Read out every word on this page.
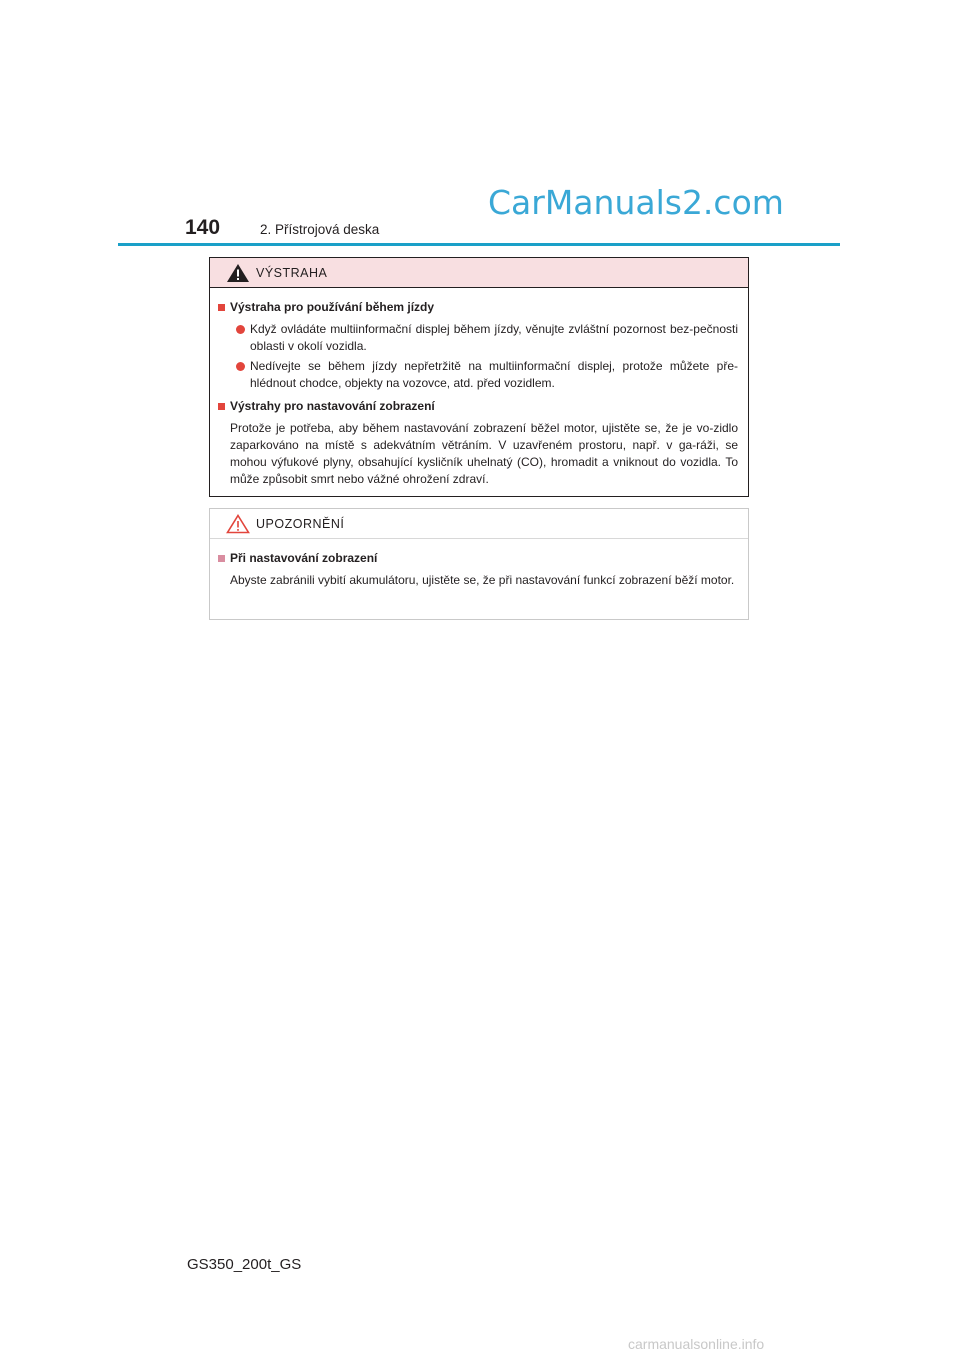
CarManuals2.com
140	2. Přístrojová deska
VÝSTRAHA
Výstraha pro používání během jízdy
Když ovládáte multiinformační displej během jízdy, věnujte zvláštní pozornost bez-pečnosti oblasti v okolí vozidla.
Nedívejte se během jízdy nepřetržitě na multiinformační displej, protože můžete pře-hlédnout chodce, objekty na vozovce, atd. před vozidlem.
Výstrahy pro nastavování zobrazení
Protože je potřeba, aby během nastavování zobrazení běžel motor, ujistěte se, že je vo-zidlo zaparkováno na místě s adekvátním větráním. V uzavřeném prostoru, např. v ga-ráži, se mohou výfukové plyny, obsahující kysličník uhelnatý (CO), hromadit a vniknout do vozidla. To může způsobit smrt nebo vážné ohrožení zdraví.
UPOZORNĚNÍ
Při nastavování zobrazení
Abyste zabránili vybití akumulátoru, ujistěte se, že při nastavování funkcí zobrazení běží motor.
GS350_200t_GS
carmanualsonline.info
